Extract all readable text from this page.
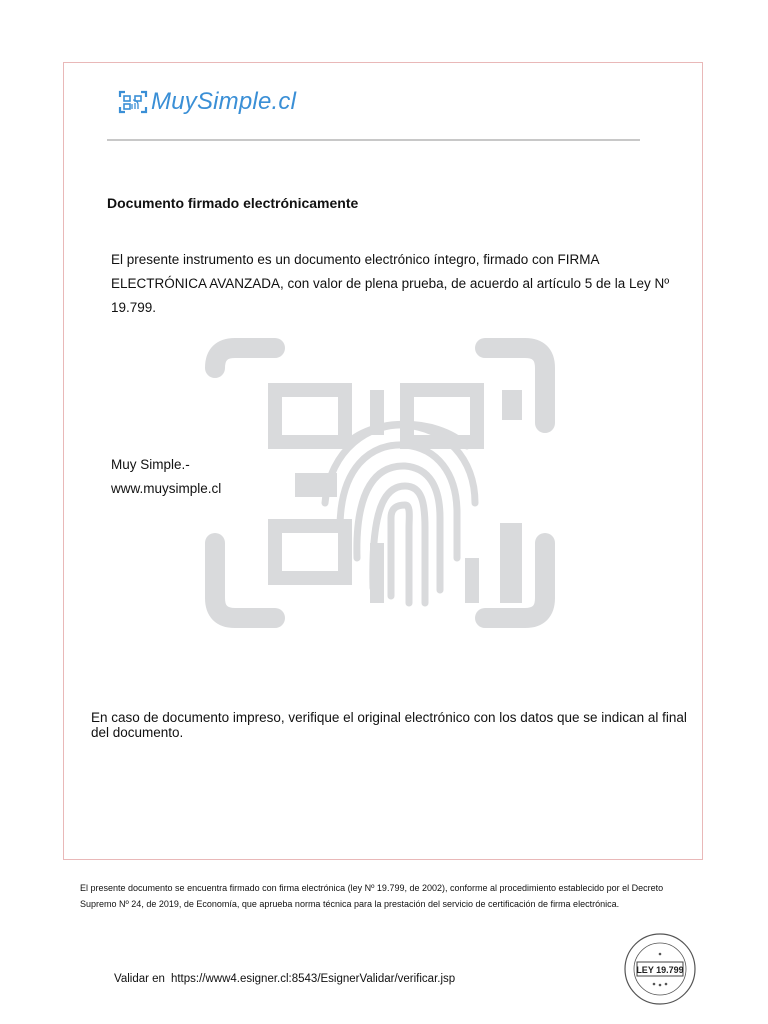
MuySimple.cl
Documento firmado electrónicamente
El presente instrumento es un documento electrónico íntegro, firmado con FIRMA ELECTRÓNICA AVANZADA, con valor de plena prueba, de acuerdo al artículo 5 de la Ley Nº 19.799.
Muy Simple.-
www.muysimple.cl
En caso de documento impreso, verifique el original electrónico con los datos que se indican al final del documento.
El presente documento se encuentra firmado con firma electrónica (ley Nº 19.799, de 2002), conforme al procedimiento establecido por el Decreto Supremo Nº 24, de 2019, de Economía, que aprueba norma técnica para la prestación del servicio de certificación de firma electrónica.
LEY 19.799
Validar en https://www4.esigner.cl:8543/EsignerValidar/verificar.jsp
